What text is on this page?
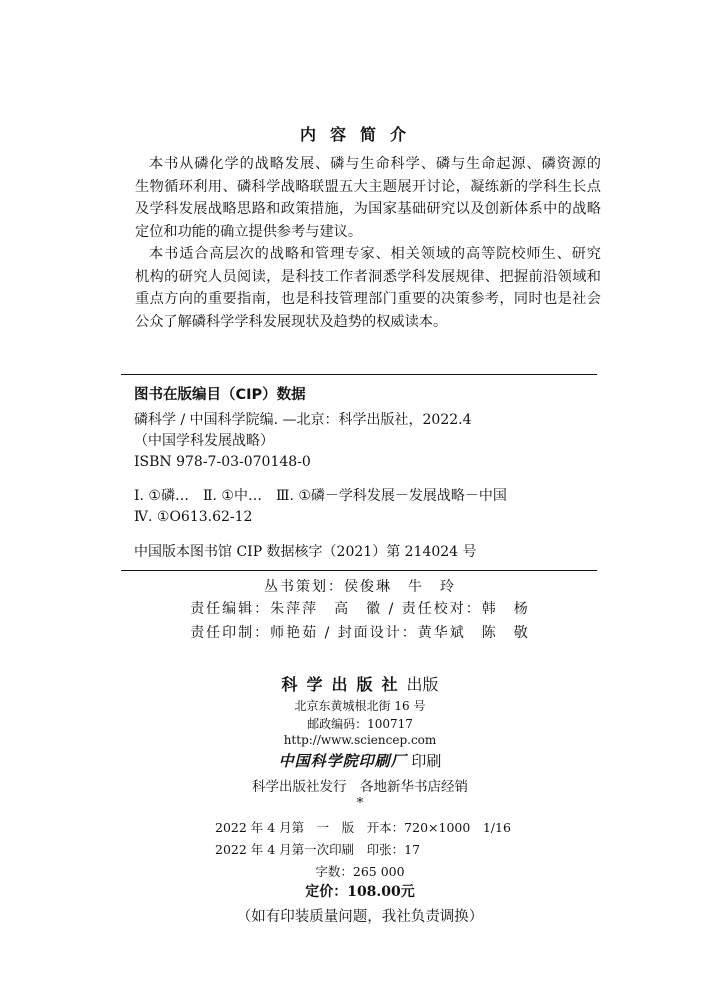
内容简介
本书从磷化学的战略发展、磷与生命科学、磷与生命起源、磷资源的
生物循环利用、磷科学战略联盟五大主题展开讨论，凝练新的学科生长点
及学科发展战略思路和政策措施，为国家基础研究以及创新体系中的战略
定位和功能的确立提供参考与建议。
本书适合高层次的战略和管理专家、相关领域的高等院校师生、研究
机构的研究人员阅读，是科技工作者洞悉学科发展规律、把握前沿领域和
重点方向的重要指南，也是科技管理部门重要的决策参考，同时也是社会
公众了解磷科学学科发展现状及趋势的权威读本。
图书在版编目（CIP）数据
磷科学 / 中国科学院编. —北京：科学出版社，2022.4
（中国学科发展战略）
ISBN 978-7-03-070148-0
Ⅰ. ①磷…　Ⅱ. ①中…　Ⅲ. ①磷－学科发展－发展战略－中国
Ⅳ. ①O613.62-12
中国版本图书馆 CIP 数据核字（2021）第 214024 号
丛书策划：侯俊琳　牛　玲
责任编辑：朱萍萍　高　徽 / 责任校对：韩　杨
责任印制：师艳茹 / 封面设计：黄华斌　陈　敬
科学出版社出版
北京东黄城根北街 16 号
邮政编码：100717
http://www.sciencep.com
中国科学院印刷厂 印刷
科学出版社发行　各地新华书店经销
*
2022 年 4 月第　一　版　开本：720×1000　1/16
2022 年 4 月第一次印刷　印张：17
字数：265 000
定价：108.00元
（如有印装质量问题，我社负责调换）
